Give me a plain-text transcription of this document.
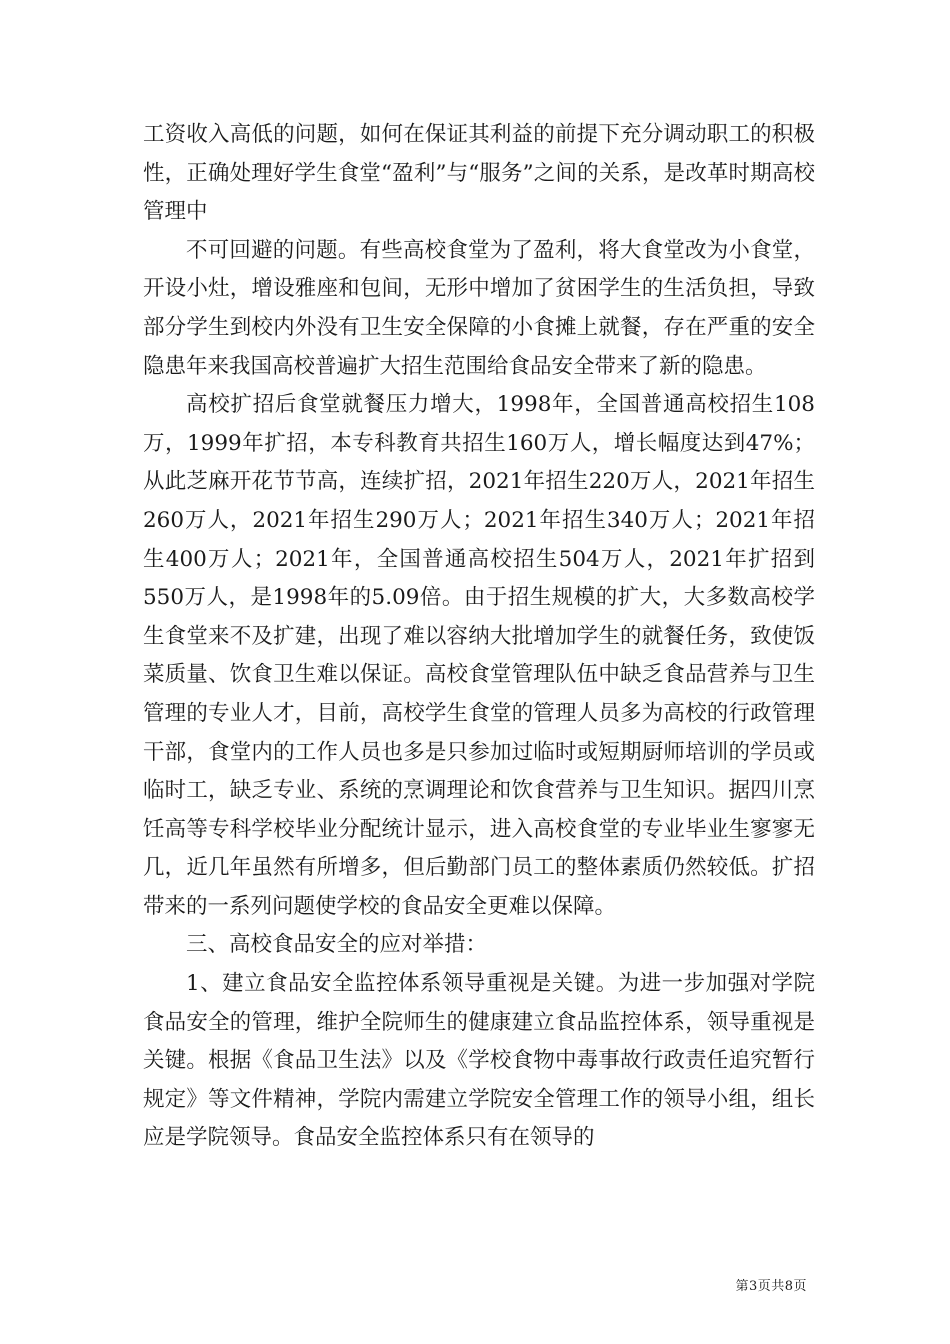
工资收入高低的问题，如何在保证其利益的前提下充分调动职工的积极性，正确处理好学生食堂“盈利”与“服务”之间的关系，是改革时期高校管理中

不可回避的问题。有些高校食堂为了盈利，将大食堂改为小食堂，开设小灶，增设雅座和包间，无形中增加了贫困学生的生活负担，导致部分学生到校内外没有卫生安全保障的小食摊上就餐，存在严重的安全隐患年来我国高校普遍扩大招生范围给食品安全带来了新的隐患。

高校扩招后食堂就餐压力增大，1998年，全国普通高校招生108万，1999年扩招，本专科教育共招生160万人，增长幅度达到47%；从此芝麻开花节节高，连续扩招，2021年招生220万人，2021年招生260万人，2021年招生290万人；2021年招生340万人；2021年招生400万人；2021年，全国普通高校招生504万人，2021年扩招到550万人，是1998年的5.09倍。由于招生规模的扩大，大多数高校学生食堂来不及扩建，出现了难以容纳大批增加学生的就餐任务，致使饭菜质量、饮食卫生难以保证。高校食堂管理队伍中缺乏食品营养与卫生管理的专业人才，目前，高校学生食堂的管理人员多为高校的行政管理干部，食堂内的工作人员也多是只参加过临时或短期厨师培训的学员或临时工，缺乏专业、系统的烹调理论和饮食营养与卫生知识。据四川烹饪高等专科学校毕业分配统计显示，进入高校食堂的专业毕业生寥寥无几，近几年虽然有所增多，但后勤部门员工的整体素质仍然较低。扩招带来的一系列问题使学校的食品安全更难以保障。

三、高校食品安全的应对举措：

1、建立食品安全监控体系领导重视是关键。为进一步加强对学院食品安全的管理，维护全院师生的健康建立食品监控体系，领导重视是关键。根据《食品卫生法》以及《学校食物中毒事故行政责任追究暂行规定》等文件精神，学院内需建立学院安全管理工作的领导小组，组长应是学院领导。食品安全监控体系只有在领导的

第3页共8页
